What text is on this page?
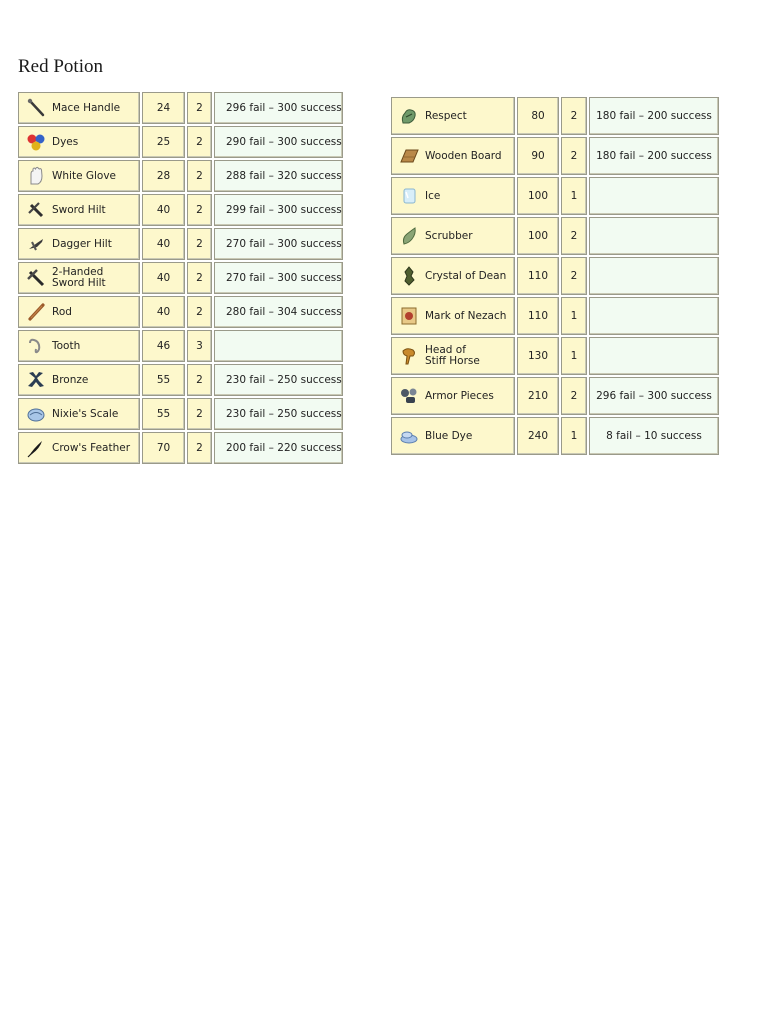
Red Potion
Mace Handle	24	2	296 fail – 300 success

Dyes	25	2	290 fail – 300 success

White Glove	28	2	288 fail – 320 success

Sword Hilt	40	2	299 fail – 300 success

Dagger Hilt	40	2	270 fail – 300 success

2-Handed
Sword Hilt	40	2	270 fail – 300 success

Rod	40	2	280 fail – 304 success

Tooth	46	3	

Bronze	55	2	230 fail – 250 success

Nixie's Scale	55	2	230 fail – 250 success

Crow's Feather	70	2	200 fail – 220 success
Respect	80	2	180 fail – 200 success

Wooden Board	90	2	180 fail – 200 success

Ice	100	1	

Scrubber	100	2	

Crystal of Dean	110	2	

Mark of Nezach	110	1	

Head of
Stiff Horse	130	1	

Armor Pieces	210	2	296 fail – 300 success

Blue Dye	240	1	8 fail – 10 success
